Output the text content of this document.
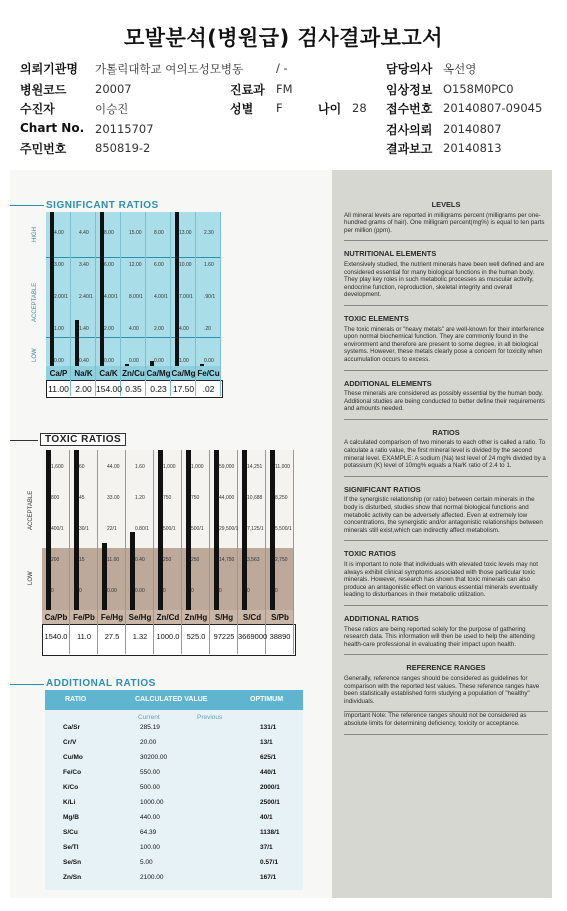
모발분석(병원급) 검사결과보고서
의뢰기관명 가톨릭대학교 여의도성모병동	/ -
병원코드 20007	진료과 FM
수진자	이승진	성별 F	나이 28
Chart No. 20115707
주민번호 850819-2
담당의사 옥선영
임상정보 O158M0PC0
접수번호 20140807-09045
검사의뢰 20140807
결과보고 20140813
SIGNIFICANT RATIOS
HIGH
ACCEPTABLE
LOW
4.00
3.00
2.00/1
1.00
0.00
Ca/P
11.00
4.40
3.40
2.40/1
1.40
0.40
Na/K
2.00
8.00
6.00
4.00/1
2.00
0.00
Ca/K
154.00
15.00
12.00
8.00/1
4.00
0.00
Zn/Cu
0.35
8.00
6.00
4.00/1
2.00
0.00
Ca/Mg
0.23
13.00
10.00
7.00/1
4.00
1.00
Ca/Mg
17.50
2.30
1.60
.90/1
.20
0.00
Fe/Cu
.02
TOXIC RATIOS
ACCEPTABLE
LOW
1,600
800
400/1
200
0
Ca/Pb
1540.0
60
45
30/1
15
0
Fe/Pb
11.0
44.00
33.00
22/1
11.00
0.00
Fe/Hg
27.5
1.60
1.20
0.80/1
0.40
0.00
Se/Hg
1.32
1,000
750
500/1
250
0
Zn/Cd
1000.0
1,000
750
500/1
250
0
Zn/Hg
525.0
59,000
44,000
29,500/1
14,750
0
S/Hg
97225
14,251
10,688
7,125/1
3,563
0
S/Cd
3669000
11,000
8,250
5,500/1
2,750
0
S/Pb
38890
ADDITIONAL RATIOS
RATIO	CALCULATED VALUE	OPTIMUM
Current	Previous
Ca/Sr	285.19	131/1
Cr/V	20.00	13/1
Cu/Mo	30200.00	625/1
Fe/Co	550.00	440/1
K/Co	500.00	2000/1
K/Li	1000.00	2500/1
Mg/B	440.00	40/1
S/Cu	64.39	1138/1
Se/Tl	100.00	37/1
Se/Sn	5.00	0.57/1
Zn/Sn	2100.00	167/1
LEVELS

All mineral levels are reported in milligrams percent (milligrams per one-hundred grams of hair). One milligram percent(mg%) is equal to ten parts per million (ppm).

NUTRITIONAL ELEMENTS

Extensively studied, the nutrient minerals have been well defined and are considered essential for many biological functions in the human body. They play key roles in such metabolic processes as muscular activity, endocrine function, reproduction, skeletal integrity and overall development.

TOXIC ELEMENTS

The toxic minerals or "heavy metals" are well-known for their interference upon normal biochemical function. They are commonly found in the environment and therefore are present to some degree, in all biological systems. However, these metals clearly pose a concern for toxicity when accumulation occurs to excess.

ADDITIONAL ELEMENTS

These minerals are considered as possibly essential by the human body. Additional studies are being conducted to better define their requirements and amounts needed.

RATIOS

A calculated comparison of two minerals to each other is called a ratio. To calculate a ratio value, the first mineral level is divided by the second mineral level. EXAMPLE: A sodium (Na) test level of 24 mg% divided by a potassium (K) level of 10mg% equals a Na/K ratio of 2.4 to 1.

SIGNIFICANT RATIOS

If the synergistic relationship (or ratio) between certain minerals in the body is disturbed, studies show that normal biological functions and metabolic activity can be adversely affected. Even at extremely low concentrations, the synergistic and/or antagonistic relationships between minerals still exist,which can indirectly affect metabolism.

TOXIC RATIOS

It is important to note that individuals with elevated toxic levels may not always exhibit clinical symptoms associated with those particular toxic minerals. However, research has shown that toxic minerals can also produce an antagonistic effect on various essential minerals eventually leading to disturbances in their metabolic utilization.

ADDITIONAL RATIOS

These ratios are being reported solely for the purpose of gathering research data. This information will then be used to help the attending health-care professional in evaluating their impact upon health.

REFERENCE RANGES

Generally, reference ranges should be considered as guidelines for comparison with the reported test values. These reference ranges have been statistically established form studying a population of "healthy" individuals.

Important Note: The reference ranges should not be considered as absolute limits for determining deficiency, toxicity or acceptance.
